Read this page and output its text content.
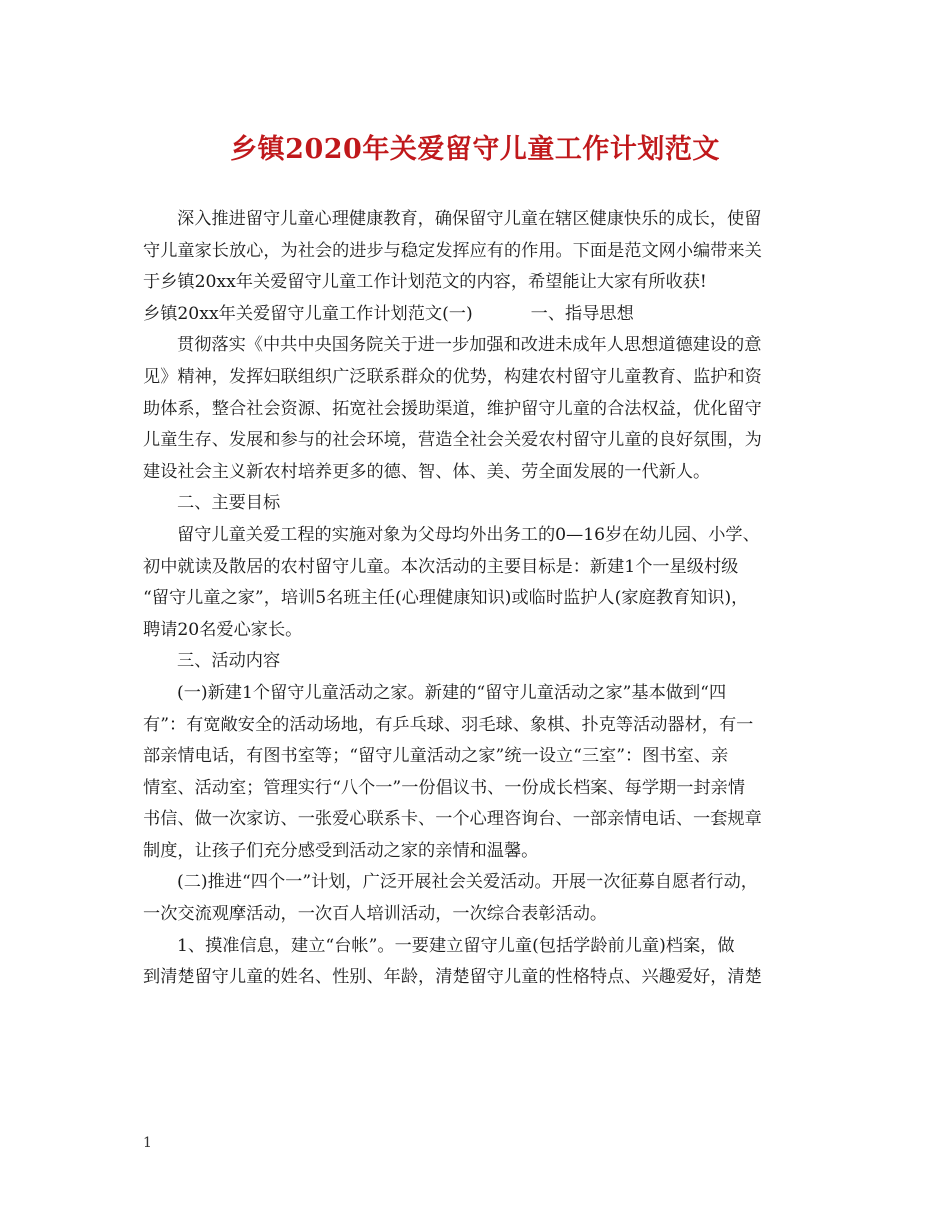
乡镇2020年关爱留守儿童工作计划范文
深入推进留守儿童心理健康教育，确保留守儿童在辖区健康快乐的成长，使留
守儿童家长放心，为社会的进步与稳定发挥应有的作用。下面是范文网小编带来关
于乡镇20xx年关爱留守儿童工作计划范文的内容，希望能让大家有所收获!
乡镇20xx年关爱留守儿童工作计划范文(一)	一、指导思想
贯彻落实《中共中央国务院关于进一步加强和改进未成年人思想道德建设的意
见》精神，发挥妇联组织广泛联系群众的优势，构建农村留守儿童教育、监护和资
助体系，整合社会资源、拓宽社会援助渠道，维护留守儿童的合法权益，优化留守
儿童生存、发展和参与的社会环境，营造全社会关爱农村留守儿童的良好氛围，为
建设社会主义新农村培养更多的德、智、体、美、劳全面发展的一代新人。
二、主要目标
留守儿童关爱工程的实施对象为父母均外出务工的0—16岁在幼儿园、小学、
初中就读及散居的农村留守儿童。本次活动的主要目标是：新建1个一星级村级
“留守儿童之家”，培训5名班主任(心理健康知识)或临时监护人(家庭教育知识)，
聘请20名爱心家长。
三、活动内容
(一)新建1个留守儿童活动之家。新建的“留守儿童活动之家”基本做到“四
有”：有宽敞安全的活动场地，有乒乓球、羽毛球、象棋、扑克等活动器材，有一
部亲情电话，有图书室等；“留守儿童活动之家”统一设立“三室”：图书室、亲
情室、活动室；管理实行“八个一”一份倡议书、一份成长档案、每学期一封亲情
书信、做一次家访、一张爱心联系卡、一个心理咨询台、一部亲情电话、一套规章
制度，让孩子们充分感受到活动之家的亲情和温馨。
(二)推进“四个一”计划，广泛开展社会关爱活动。开展一次征募自愿者行动，
一次交流观摩活动，一次百人培训活动，一次综合表彰活动。
1、摸准信息，建立“台帐”。一要建立留守儿童(包括学龄前儿童)档案，做
到清楚留守儿童的姓名、性别、年龄，清楚留守儿童的性格特点、兴趣爱好，清楚
1
